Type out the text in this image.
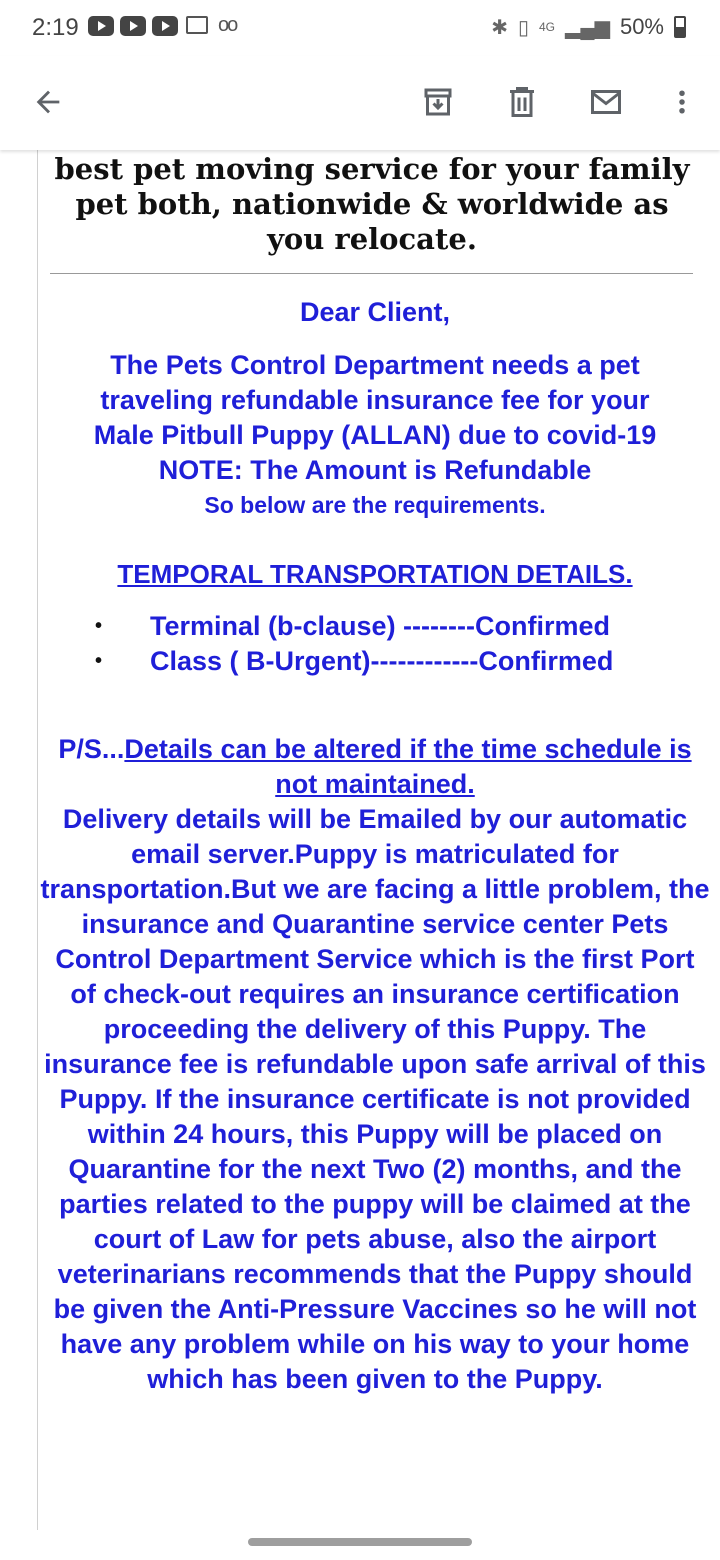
2:19	oo	✱ ▯ 4G ▂▄▆ 50%
best pet moving service for your family pet both, nationwide & worldwide as you relocate.
Dear Client,
The Pets Control Department needs a pet
traveling refundable insurance fee for your
Male Pitbull Puppy (ALLAN) due to covid-19
NOTE: The Amount is Refundable
So below are the requirements.
TEMPORAL TRANSPORTATION DETAILS.
• Terminal (b-clause) --------Confirmed
• Class ( B-Urgent)------------Confirmed
P/S...Details can be altered if the time schedule is not maintained.
Delivery details will be Emailed by our automatic email server.Puppy is matriculated for transportation.But we are facing a little problem, the insurance and Quarantine service center Pets Control Department Service which is the first Port of check-out requires an insurance certification proceeding the delivery of this Puppy. The insurance fee is refundable upon safe arrival of this Puppy. If the insurance certificate is not provided within 24 hours, this Puppy will be placed on Quarantine for the next Two (2) months, and the parties related to the puppy will be claimed at the court of Law for pets abuse, also the airport veterinarians recommends that the Puppy should be given the Anti-Pressure Vaccines so he will not have any problem while on his way to your home which has been given to the Puppy.
